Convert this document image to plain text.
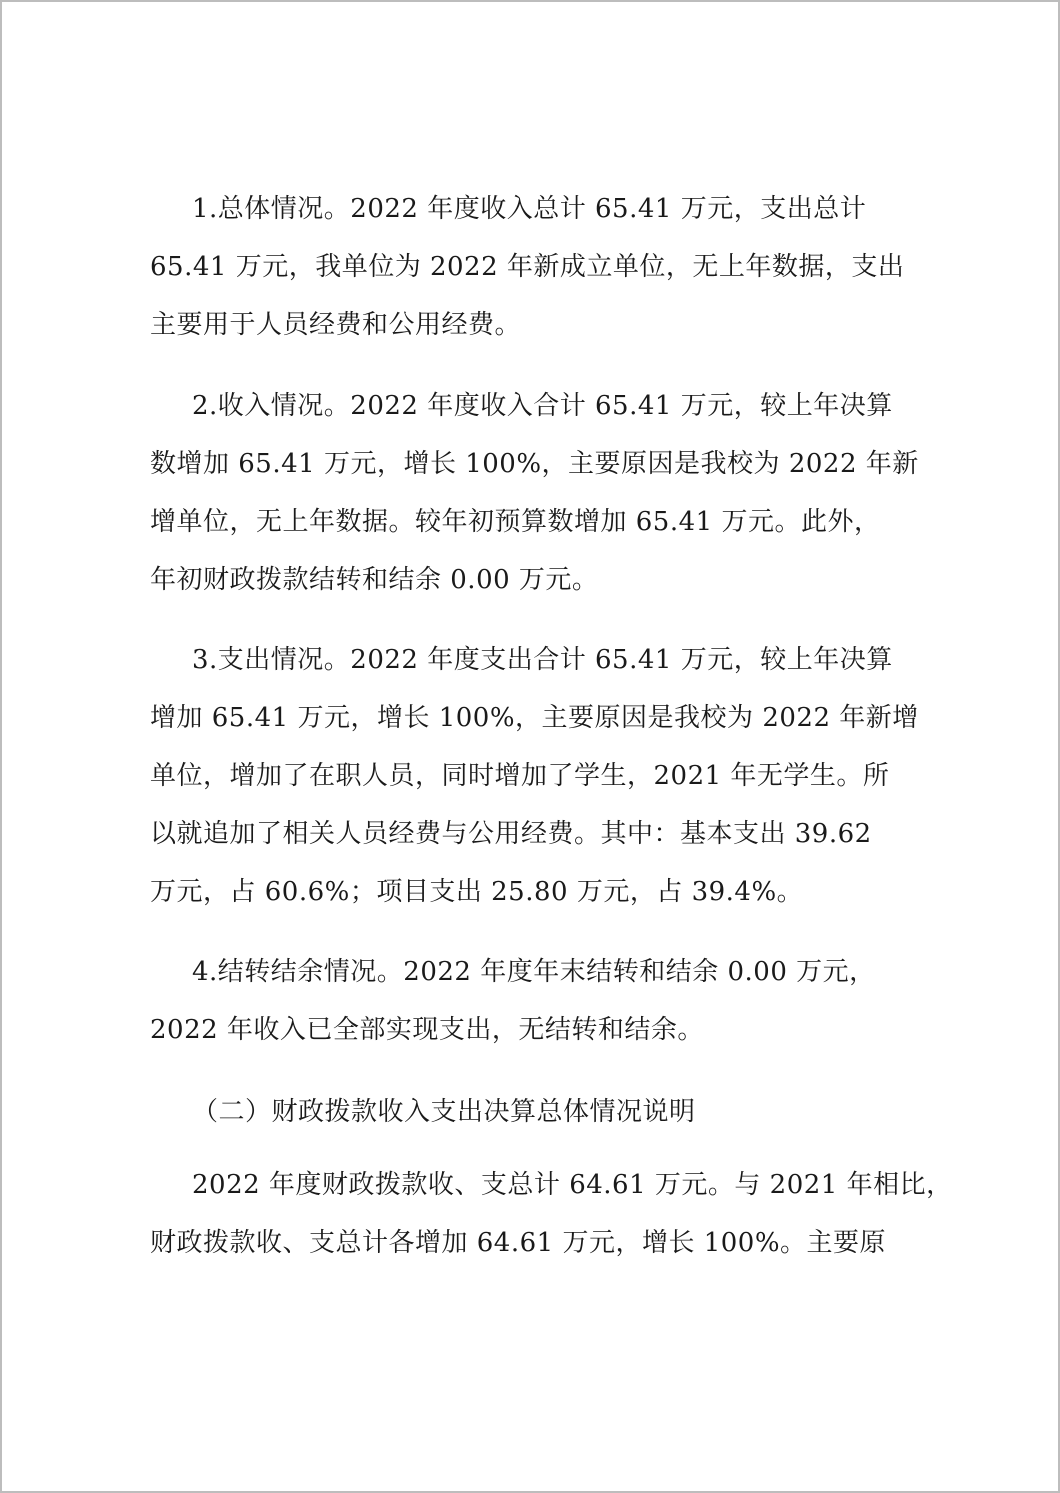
1.总体情况。2022 年度收入总计 65.41 万元，支出总计
65.41 万元，我单位为 2022 年新成立单位，无上年数据，支出
主要用于人员经费和公用经费。
2.收入情况。2022 年度收入合计 65.41 万元，较上年决算
数增加 65.41 万元，增长 100%，主要原因是我校为 2022 年新
增单位，无上年数据。较年初预算数增加 65.41 万元。此外，
年初财政拨款结转和结余 0.00 万元。
3.支出情况。2022 年度支出合计 65.41 万元，较上年决算
增加 65.41 万元，增长 100%，主要原因是我校为 2022 年新增
单位，增加了在职人员，同时增加了学生，2021 年无学生。所
以就追加了相关人员经费与公用经费。其中：基本支出 39.62
万元，占 60.6%；项目支出 25.80 万元，占 39.4%。
4.结转结余情况。2022 年度年末结转和结余 0.00 万元，
2022 年收入已全部实现支出，无结转和结余。
（二）财政拨款收入支出决算总体情况说明
2022 年度财政拨款收、支总计 64.61 万元。与 2021 年相比，
财政拨款收、支总计各增加 64.61 万元，增长 100%。主要原
